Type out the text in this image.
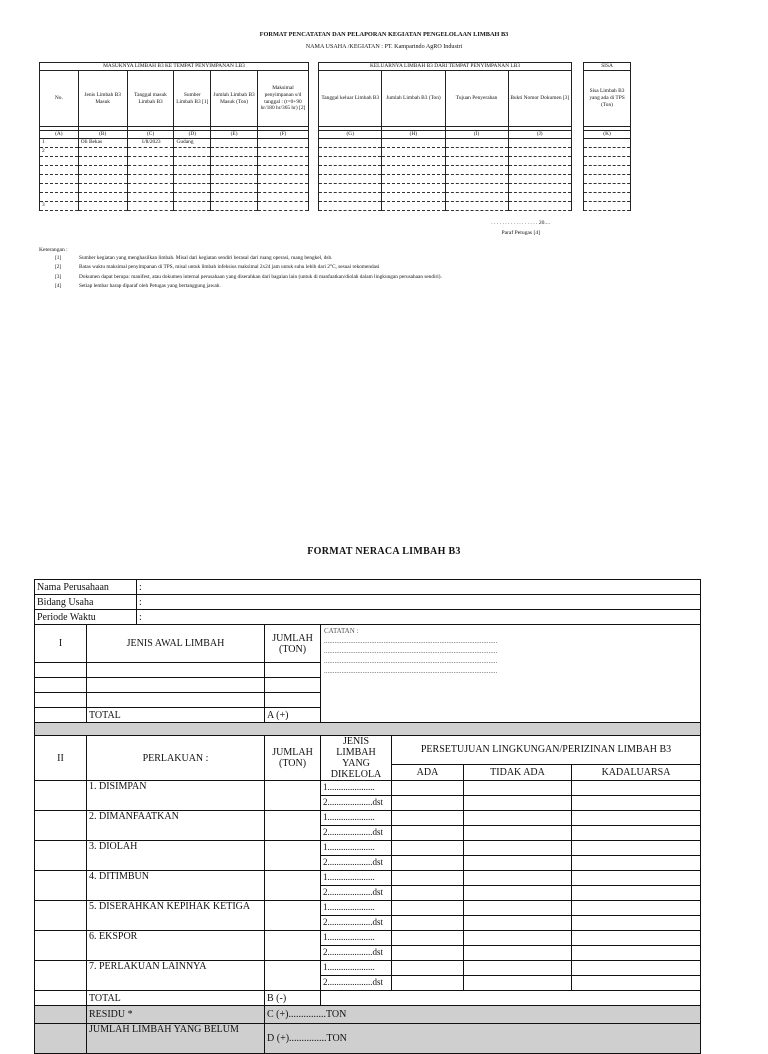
FORMAT PENCATATAN DAN PELAPORAN KEGIATAN PENGELOLAAN LIMBAH B3
NAMA USAHA /KEGIATAN : PT. Kamparindo AgRO Industri
MASUKNYA LIMBAH B3 KE TEMPAT PENYIMPANAN LB3							KELUARNYA LIMBAH B3 DARI TEMPAT PENYIMPANAN LB3					SISA
No.	Jenis Limbah B3 Masuk	Tanggal masuk Limbah B3	Sumber Limbah B3 [1]	Jumlah Limbah B3 Masuk (Ton)	Maksimal penyimpanan s/d tanggal : (t=0+90 hr/180 hr/365 hr) [2]		Tanggal keluar Limbah B3	Jumlah Limbah B3 (Ton)	Tujuan Penyerahan	Bukti Nomor Dokumen [3]		Sisa Limbah B3 yang ada di TPS (Ton)

(A)	(B)	(C)	(D)	(E)	(F)		(G)	(H)	(I)	(J)		(K)
1	Oli Bekas	1/8/2023	Gudang									
2												

3												
. . . . . . . . . . . . . . . . . 20....
Paraf Petugas [4]
Keterangan :
[1]	Sumber kegiatan yang menghasilkan limbah. Misal dari kegiatan sendiri berasal dari ruang operasi, ruang bengkel, dsb.
[2]	Batas waktu maksimal penyimpanan di TPS, misal untuk limbah infeksius maksimal 2x24 jam untuk suhu lebih dari 2°C, sesuai rekomendasi
[3]	Dokumen dapat berupa: manifest, atau dokumen internal perusahaan yang diserahkan dari bagaian lain (untuk di manfaatkan/diolah dalam lingkungan perusahaan sendiri).
[4]	Setiap lembar harap diparaf oleh Petugas yang bertanggung jawab.
FORMAT NERACA LIMBAH B3
Nama Perusahaan		:					
Bidang Usaha		:					
Periode Waktu		:					
I	JENIS AWAL LIMBAH		JUMLAH (TON)	CATATAN :
...................................................................................................
...................................................................................................
...................................................................................................
...................................................................................................			

	TOTAL		A (+)				

II	PERLAKUAN :		JUMLAH (TON)	JENIS LIMBAH YANG DIKELOLA	PERSETUJUAN LINGKUNGAN/PERIZINAN LIMBAH B3		
					ADA	TIDAK ADA	KADALUARSA
	1. DISIMPAN			1.....................			
				2....................dst			
	2. DIMANFAATKAN			1.....................			
				2....................dst			
	3. DIOLAH			1.....................			
				2....................dst			
	4. DITIMBUN			1.....................			
				2....................dst			
	5. DISERAHKAN KEPIHAK KETIGA			1.....................			
				2....................dst			
	6. EKSPOR			1.....................			
				2....................dst			
	7. PERLAKUAN LAINNYA			1.....................			
				2....................dst			
	TOTAL		B (-)				
	RESIDU *		C (+)...............TON				
	JUMLAH LIMBAH YANG BELUM		D (+)...............TON				
